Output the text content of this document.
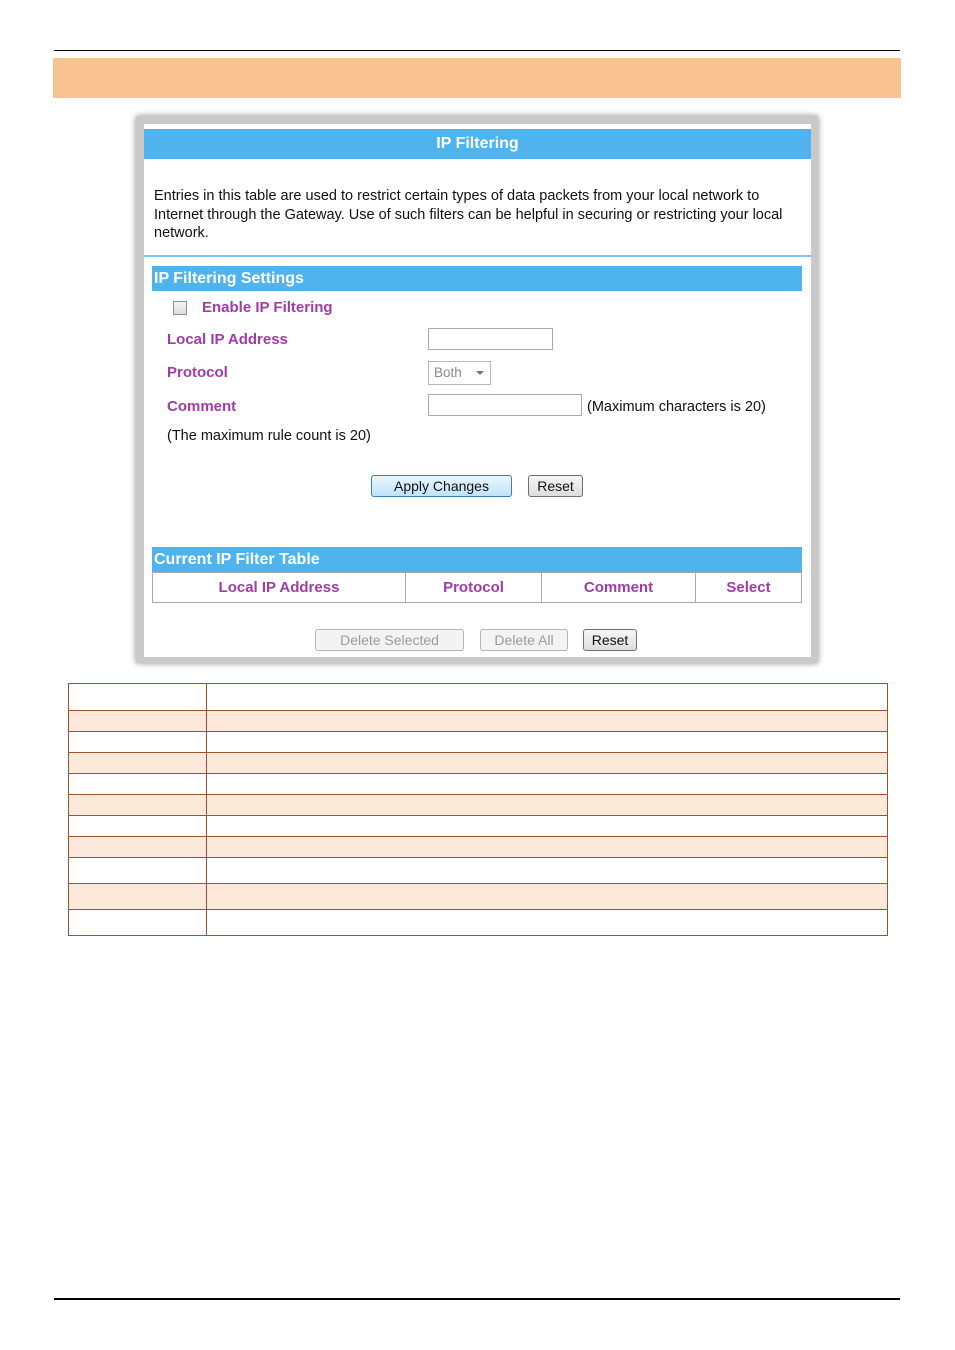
IP Filtering
Entries in this table are used to restrict certain types of data packets from your local network to Internet through the Gateway. Use of such filters can be helpful in securing or restricting your local network.
IP Filtering Settings
Enable IP Filtering
Local IP Address
Protocol	Both
Comment	(Maximum characters is 20)
(The maximum rule count is 20)
Apply Changes	Reset
Current IP Filter Table
Local IP Address	Protocol	Comment	Select
Delete Selected	Delete All	Reset
